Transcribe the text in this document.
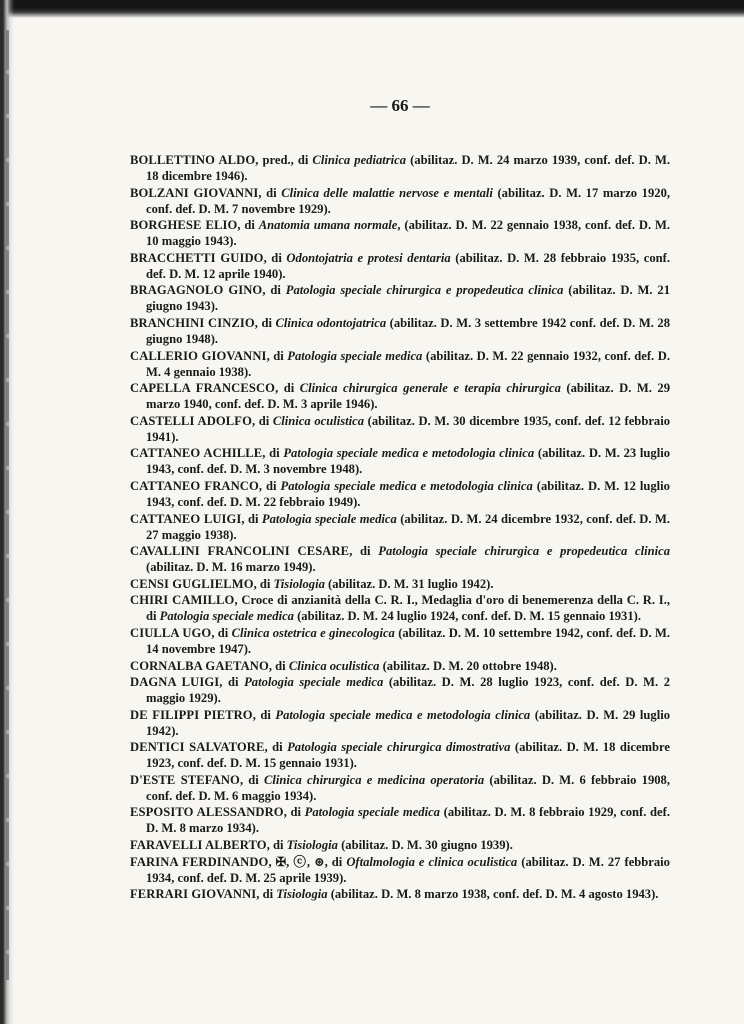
— 66 —

BOLLETTINO ALDO, pred., di Clinica pediatrica (abilitaz. D. M. 24 marzo 1939, conf. def. D. M. 18 dicembre 1946).

BOLZANI GIOVANNI, di Clinica delle malattie nervose e mentali (abilitaz. D. M. 17 marzo 1920, conf. def. D. M. 7 novembre 1929).

BORGHESE ELIO, di Anatomia umana normale, (abilitaz. D. M. 22 gennaio 1938, conf. def. D. M. 10 maggio 1943).

BRACCHETTI GUIDO, di Odontojatria e protesi dentaria (abilitaz. D. M. 28 febbraio 1935, conf. def. D. M. 12 aprile 1940).

BRAGAGNOLO GINO, di Patologia speciale chirurgica e propedeutica clinica (abilitaz. D. M. 21 giugno 1943).

BRANCHINI CINZIO, di Clinica odontojatrica (abilitaz. D. M. 3 settembre 1942 conf. def. D. M. 28 giugno 1948).

CALLERIO GIOVANNI, di Patologia speciale medica (abilitaz. D. M. 22 gennaio 1932, conf. def. D. M. 4 gennaio 1938).

CAPELLA FRANCESCO, di Clinica chirurgica generale e terapia chirurgica (abilitaz. D. M. 29 marzo 1940, conf. def. D. M. 3 aprile 1946).

CASTELLI ADOLFO, di Clinica oculistica (abilitaz. D. M. 30 dicembre 1935, conf. def. 12 febbraio 1941).

CATTANEO ACHILLE, di Patologia speciale medica e metodologia clinica (abilitaz. D. M. 23 luglio 1943, conf. def. D. M. 3 novembre 1948).

CATTANEO FRANCO, di Patologia speciale medica e metodologia clinica (abilitaz. D. M. 12 luglio 1943, conf. def. D. M. 22 febbraio 1949).

CATTANEO LUIGI, di Patologia speciale medica (abilitaz. D. M. 24 dicembre 1932, conf. def. D. M. 27 maggio 1938).

CAVALLINI FRANCOLINI CESARE, di Patologia speciale chirurgica e propedeutica clinica (abilitaz. D. M. 16 marzo 1949).

CENSI GUGLIELMO, di Tisiologia (abilitaz. D. M. 31 luglio 1942).

CHIRI CAMILLO, Croce di anzianità della C. R. I., Medaglia d'oro di benemerenza della C. R. I., di Patologia speciale medica (abilitaz. D. M. 24 luglio 1924, conf. def. D. M. 15 gennaio 1931).

CIULLA UGO, di Clinica ostetrica e ginecologica (abilitaz. D. M. 10 settembre 1942, conf. def. D. M. 14 novembre 1947).

CORNALBA GAETANO, di Clinica oculistica (abilitaz. D. M. 20 ottobre 1948).

DAGNA LUIGI, di Patologia speciale medica (abilitaz. D. M. 28 luglio 1923, conf. def. D. M. 2 maggio 1929).

DE FILIPPI PIETRO, di Patologia speciale medica e metodologia clinica (abilitaz. D. M. 29 luglio 1942).

DENTICI SALVATORE, di Patologia speciale chirurgica dimostrativa (abilitaz. D. M. 18 dicembre 1923, conf. def. D. M. 15 gennaio 1931).

D'ESTE STEFANO, di Clinica chirurgica e medicina operatoria (abilitaz. D. M. 6 febbraio 1908, conf. def. D. M. 6 maggio 1934).

ESPOSITO ALESSANDRO, di Patologia speciale medica (abilitaz. D. M. 8 febbraio 1929, conf. def. D. M. 8 marzo 1934).

FARAVELLI ALBERTO, di Tisiologia (abilitaz. D. M. 30 giugno 1939).

FARINA FERDINANDO, ✠, ⓒ, ⊛, di Oftalmologia e clinica oculistica (abilitaz. D. M. 27 febbraio 1934, conf. def. D. M. 25 aprile 1939).

FERRARI GIOVANNI, di Tisiologia (abilitaz. D. M. 8 marzo 1938, conf. def. D. M. 4 agosto 1943).
